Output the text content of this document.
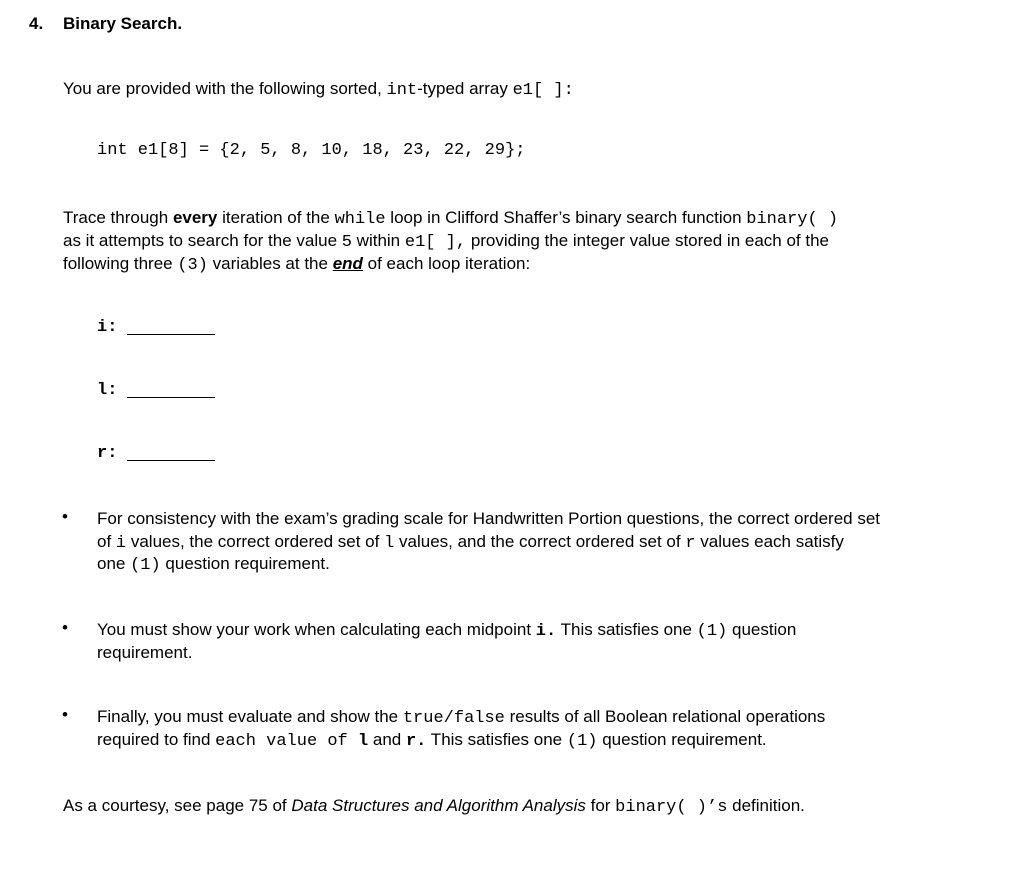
4. Binary Search.
You are provided with the following sorted, int-typed array e1[ ]:
int e1[8] = {2, 5, 8, 10, 18, 23, 22, 29};
Trace through every iteration of the while loop in Clifford Shaffer’s binary search function binary( )
as it attempts to search for the value 5 within e1[ ], providing the integer value stored in each of the
following three (3) variables at the end of each loop iteration:
i:
l:
r:
• For consistency with the exam’s grading scale for Handwritten Portion questions, the correct ordered set
of i values, the correct ordered set of l values, and the correct ordered set of r values each satisfy
one (1) question requirement.
• You must show your work when calculating each midpoint i. This satisfies one (1) question
requirement.
• Finally, you must evaluate and show the true/false results of all Boolean relational operations
required to find each value of l and r. This satisfies one (1) question requirement.
As a courtesy, see page 75 of Data Structures and Algorithm Analysis for binary( )’s definition.
